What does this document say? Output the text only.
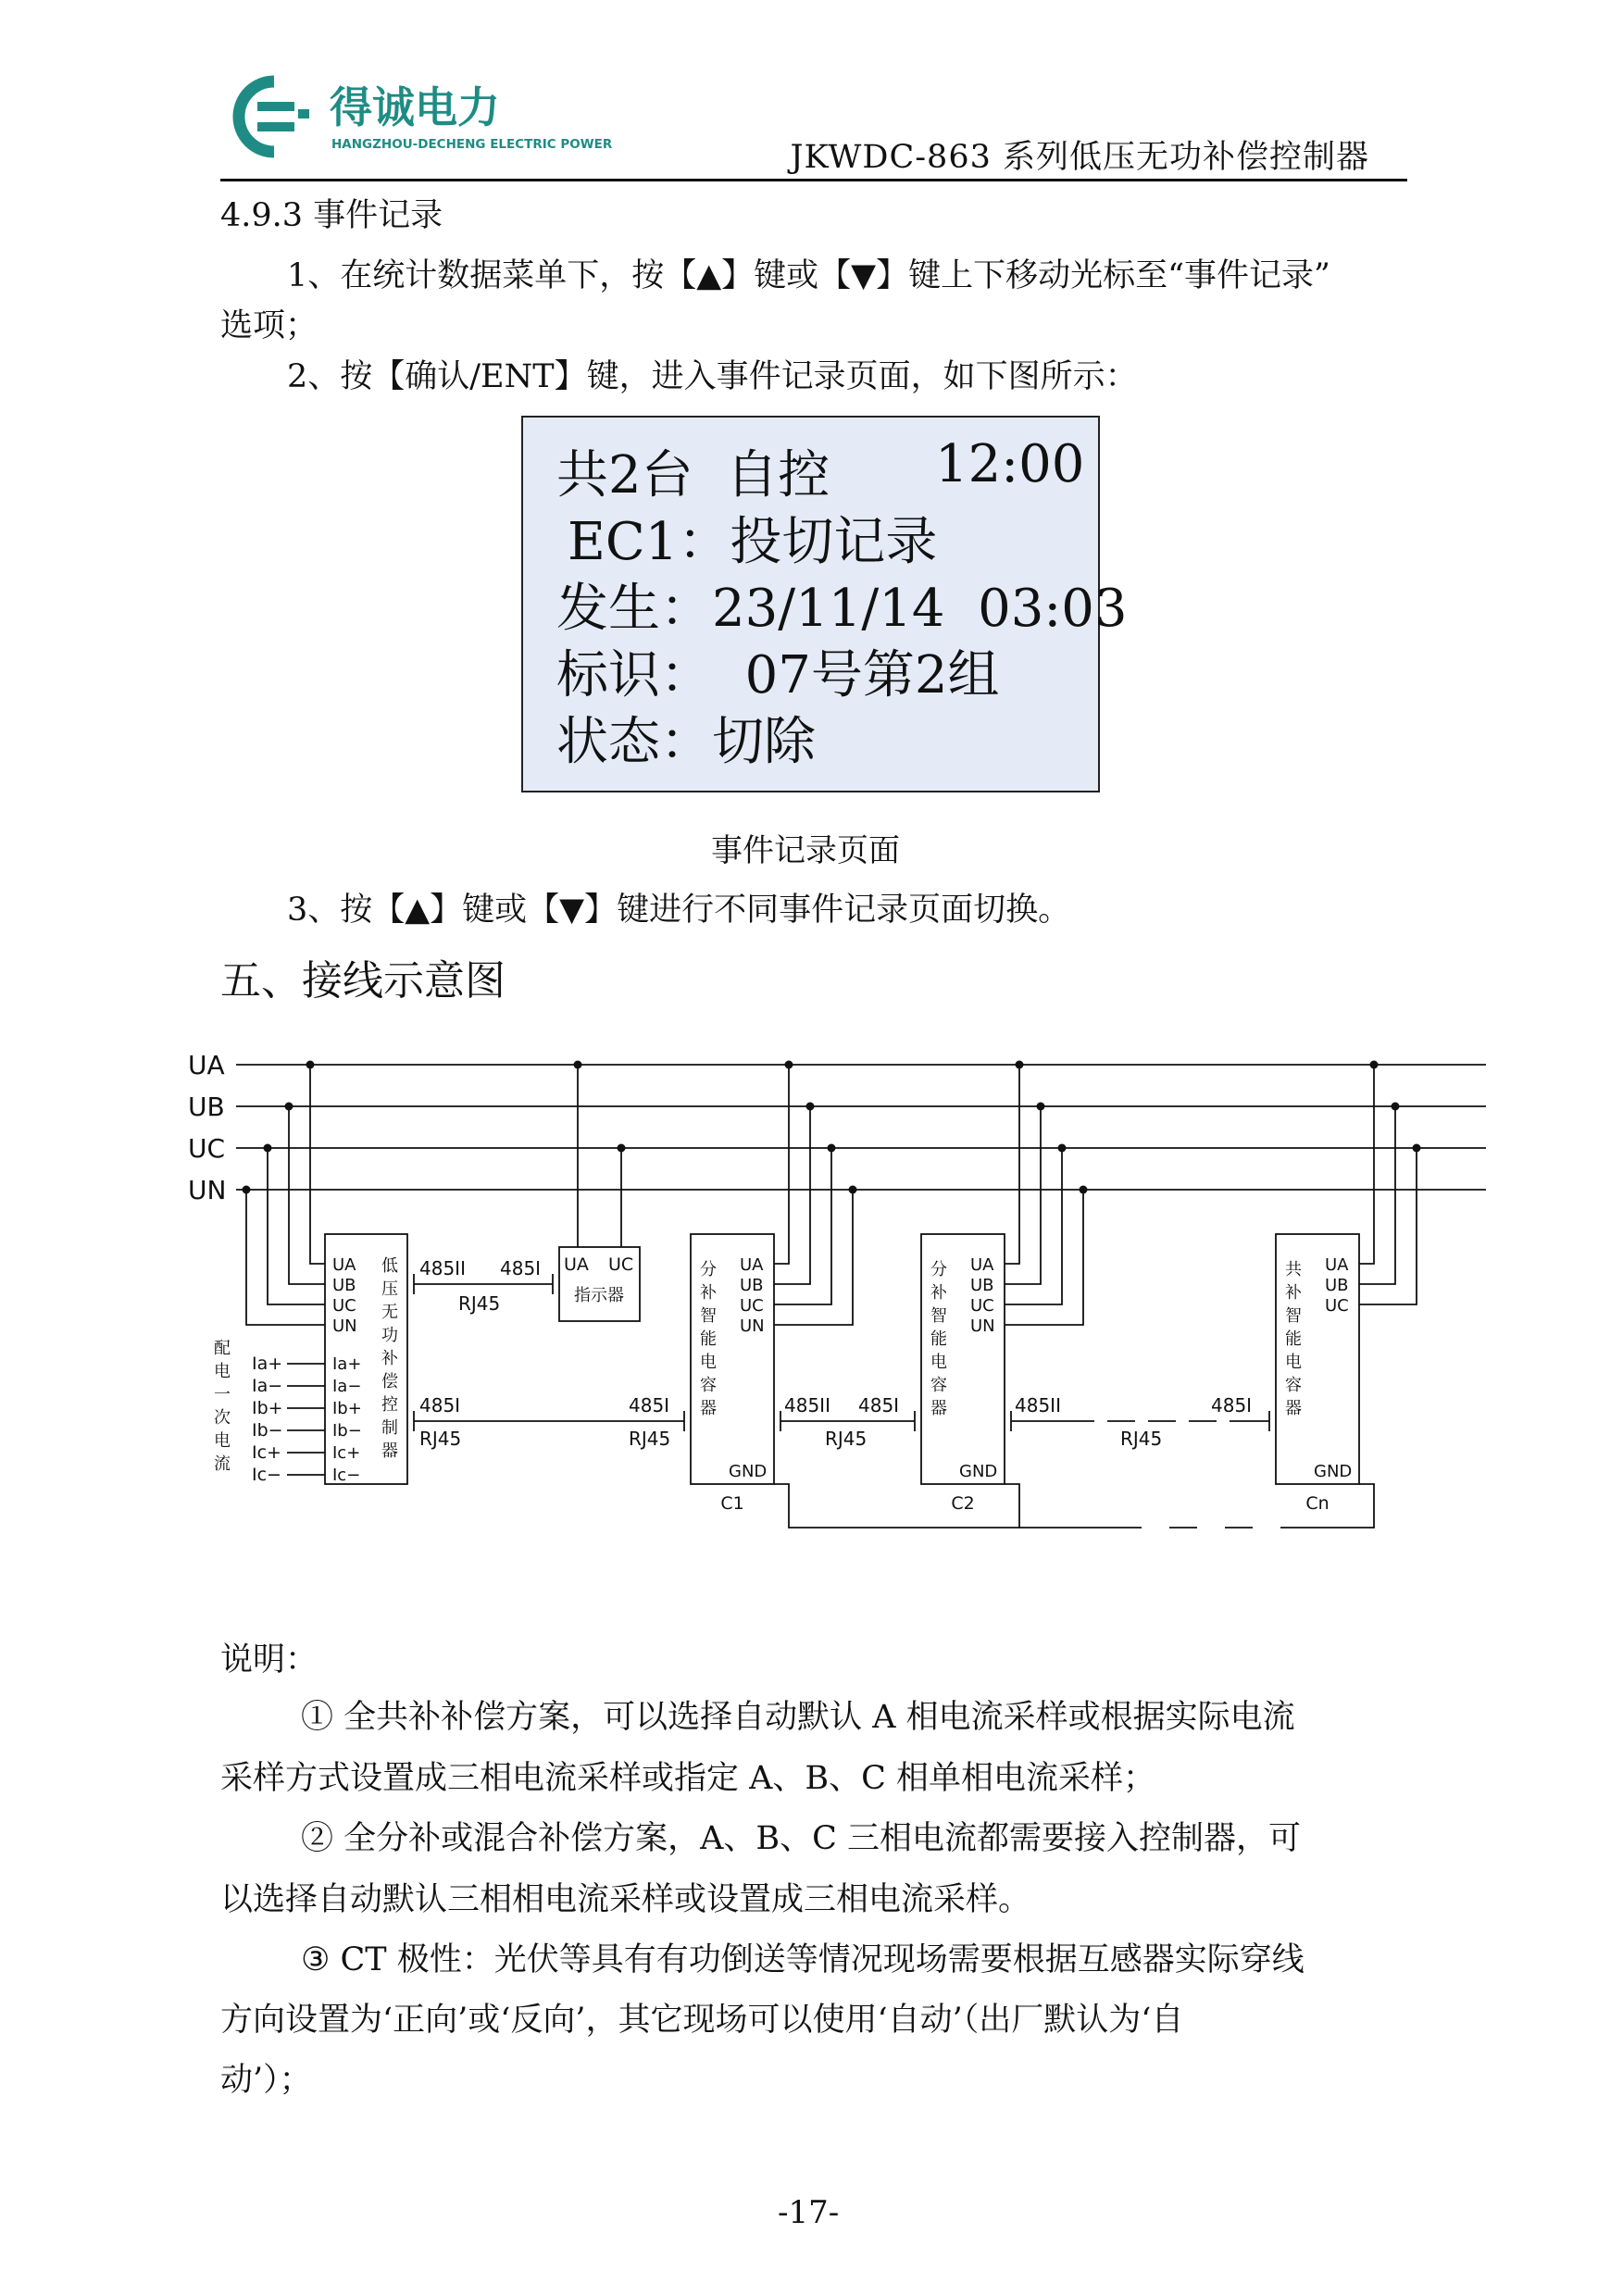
得诚电力
HANGZHOU-DECHENG ELECTRIC POWER	JKWDC-863 系列低压无功补偿控制器
4.9.3 事件记录
1、在统计数据菜单下，按【▲】键或【▼】键上下移动光标至“事件记录”
选项；
2、按【确认/ENT】键，进入事件记录页面，如下图所示：
共2台  自控 12:00
EC1：投切记录
发生：23/11/14  03:03
标识：  07号第2组
状态：切除
事件记录页面
3、按【▲】键或【▼】键进行不同事件记录页面切换。
五、接线示意图
UA
UB
UC
UN
配
电
一
次
电
流
Ia+
Ia−
Ib+
Ib−
Ic+
Ic−
UA
UB
UC
UN
Ia+
Ia−
Ib+
Ib−
Ic+
Ic−
低
压
无
功
补
偿
控
制
器
UA UC
指示器
485II 485I
RJ45
485I	485I
RJ45	RJ45
485II 485I
RJ45
485II	485I
RJ45
分
补
智
能
电
容
器
UA
UB
UC
UN
GND
C1
分
补
智
能
电
容
器
UA
UB
UC
UN
GND
C2
共
补
智
能
电
容
器
UA
UB
UC
GND
Cn
说明：
① 全共补补偿方案，可以选择自动默认 A 相电流采样或根据实际电流
采样方式设置成三相电流采样或指定 A、B、C 相单相电流采样；
② 全分补或混合补偿方案，A、B、C 三相电流都需要接入控制器，可
以选择自动默认三相相电流采样或设置成三相电流采样。
③ CT 极性：光伏等具有有功倒送等情况现场需要根据互感器实际穿线
方向设置为‘正向’或‘反向’，其它现场可以使用‘自动’（出厂默认为‘自
动’）；
-17-
